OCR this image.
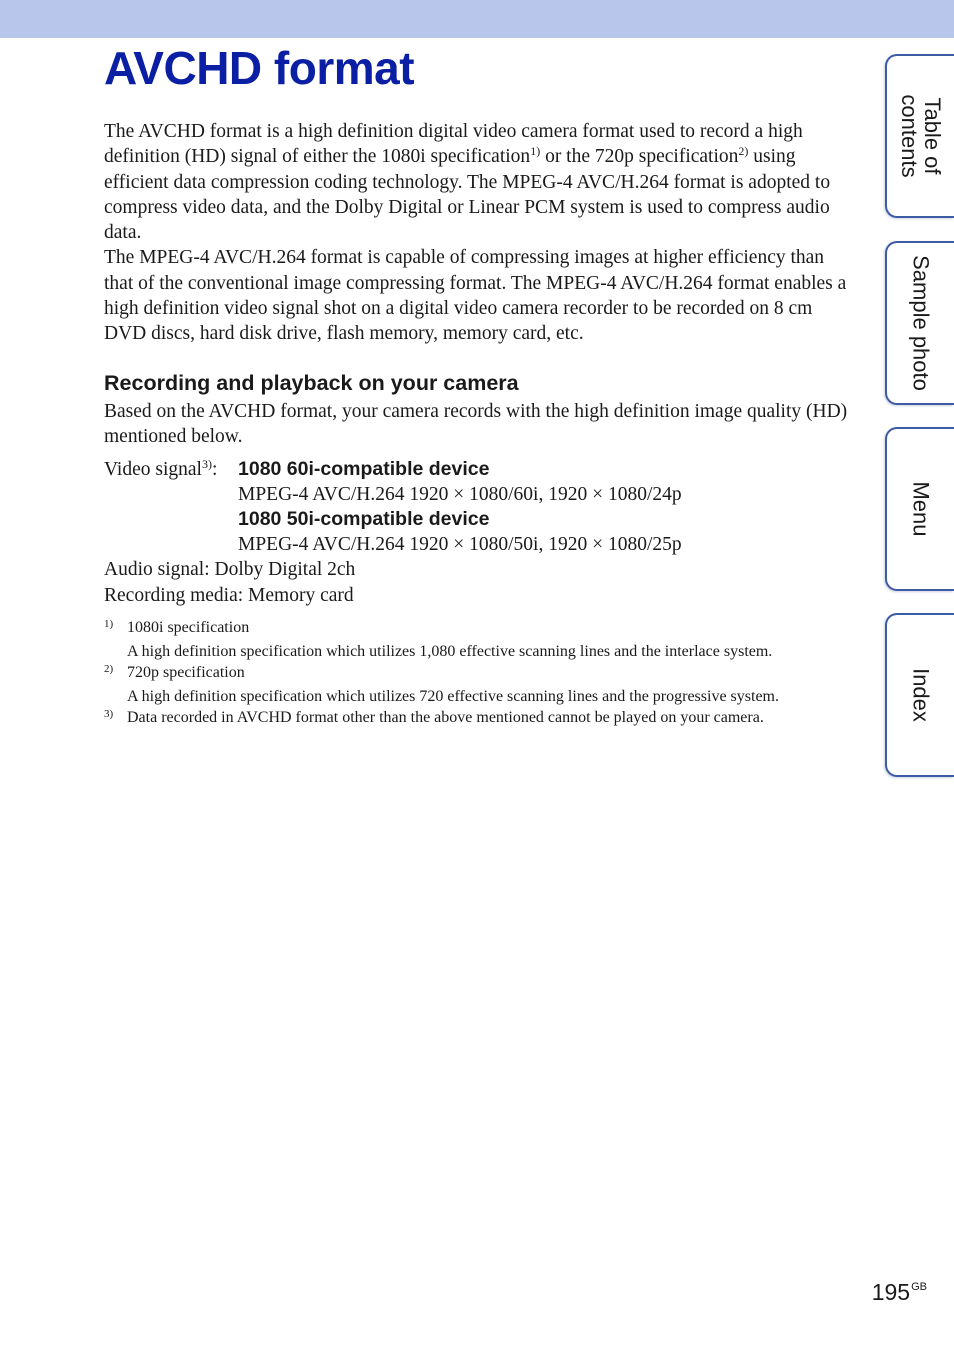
AVCHD format

The AVCHD format is a high definition digital video camera format used to record a high definition (HD) signal of either the 1080i specification$^{1)}$ or the 720p specification$^{2)}$ using efficient data compression coding technology. The MPEG-4 AVC/H.264 format is adopted to compress video data, and the Dolby Digital or Linear PCM system is used to compress audio data.

The MPEG-4 AVC/H.264 format is capable of compressing images at higher efficiency than that of the conventional image compressing format. The MPEG-4 AVC/H.264 format enables a high definition video signal shot on a digital video camera recorder to be recorded on 8 cm DVD discs, hard disk drive, flash memory, memory card, etc.

Recording and playback on your camera

Based on the AVCHD format, your camera records with the high definition image quality (HD) mentioned below.

Video signal$^{3)}$:	1080 60i-compatible device
MPEG-4 AVC/H.264 1920 × 1080/60i, 1920 × 1080/24p
1080 50i-compatible device
MPEG-4 AVC/H.264 1920 × 1080/50i, 1920 × 1080/25p
Audio signal: Dolby Digital 2ch
Recording media: Memory card
1) 1080i specification
A high definition specification which utilizes 1,080 effective scanning lines and the interlace system.
2) 720p specification
A high definition specification which utilizes 720 effective scanning lines and the progressive system.
3) Data recorded in AVCHD format other than the above mentioned cannot be played on your camera.
Table of
contents
Sample photo
Menu
Index
$195^{GB}$
